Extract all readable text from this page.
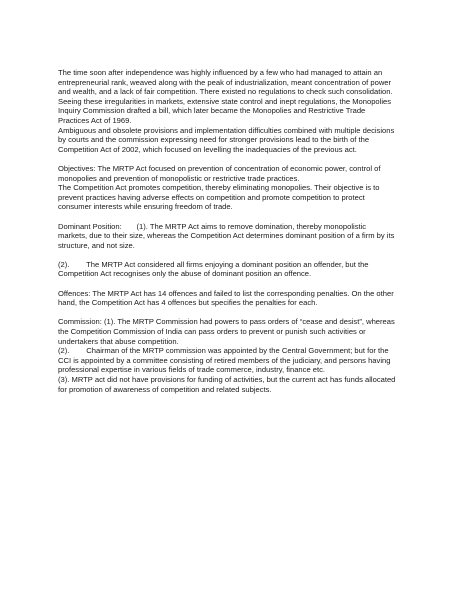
The time soon after independence was highly influenced by a few who had managed to attain an
entrepreneurial rank, weaved along with the peak of industrialization, meant concentration of power
and wealth, and a lack of fair competition. There existed no regulations to check such consolidation.
Seeing these irregularities in markets, extensive state control and inept regulations, the Monopolies
Inquiry Commission drafted a bill, which later became the Monopolies and Restrictive Trade
Practices Act of 1969.
Ambiguous and obsolete provisions and implementation difficulties combined with multiple decisions
by courts and the commission expressing need for stronger provisions lead to the birth of the
Competition Act of 2002, which focused on levelling the inadequacies of the previous act.
Objectives: The MRTP Act focused on prevention of concentration of economic power, control of
monopolies and prevention of monopolistic or restrictive trade practices.
The Competition Act promotes competition, thereby eliminating monopolies. Their objective is to
prevent practices having adverse effects on competition and promote competition to protect
consumer interests while ensuring freedom of trade.
Dominant Position:       (1). The MRTP Act aims to remove domination, thereby monopolistic
markets, due to their size, whereas the Competition Act determines dominant position of a firm by its
structure, and not size.
(2).        The MRTP Act considered all firms enjoying a dominant position an offender, but the
Competition Act recognises only the abuse of dominant position an offence.
Offences: The MRTP Act has 14 offences and failed to list the corresponding penalties. On the other
hand, the Competition Act has 4 offences but specifies the penalties for each.
Commission: (1). The MRTP Commission had powers to pass orders of “cease and desist”, whereas
the Competition Commission of India can pass orders to prevent or punish such activities or
undertakers that abuse competition.
(2).        Chairman of the MRTP commission was appointed by the Central Government; but for the
CCI is appointed by a committee consisting of retired members of the judiciary, and persons having
professional expertise in various fields of trade commerce, industry, finance etc.
(3). MRTP act did not have provisions for funding of activities, but the current act has funds allocated
for promotion of awareness of competition and related subjects.
